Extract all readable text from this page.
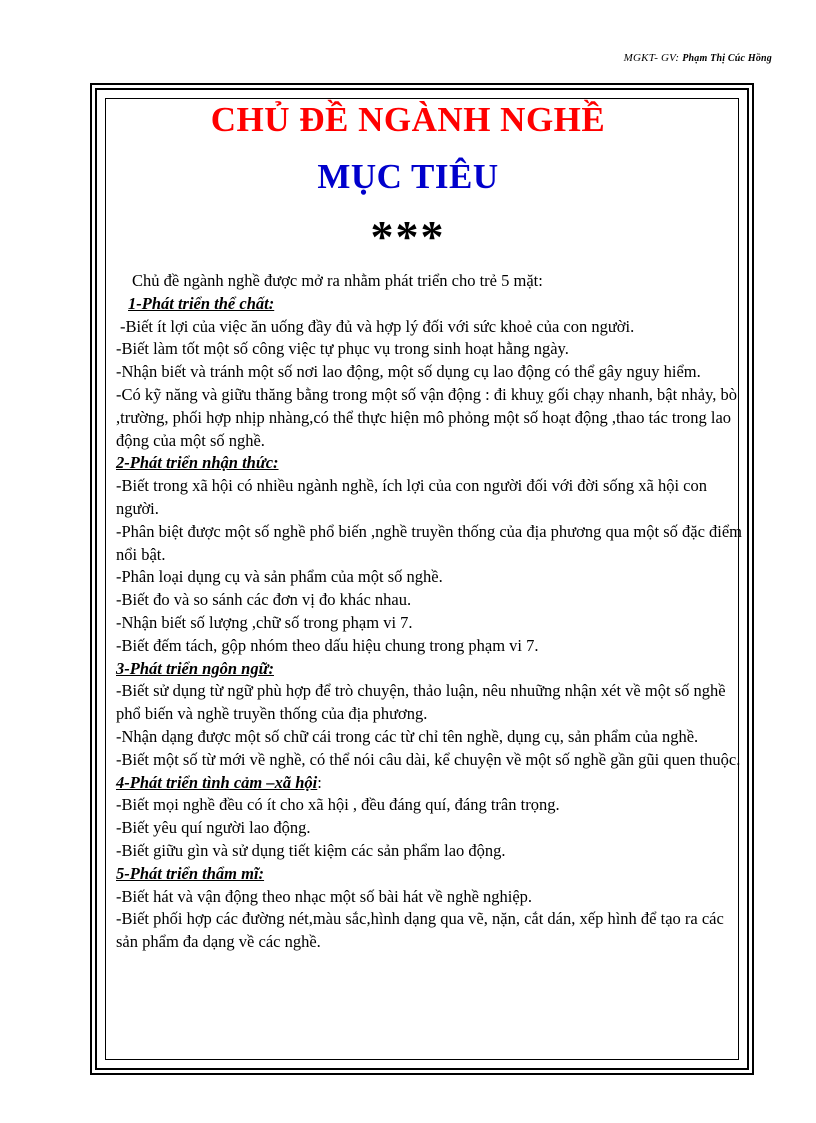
MGKT- GV: Phạm Thị Cúc Hồng
CHỦ ĐỀ NGÀNH NGHỀ
MỤC TIÊU
***

Chủ đề ngành nghề được mở ra nhằm phát triển cho trẻ 5 mặt:

1-Phát triển thể chất:

-Biết ít lợi của việc ăn uống đầy đủ và hợp lý đối với sức khoẻ của con người.

-Biết làm tốt một số công việc tự phục vụ trong sinh hoạt hằng ngày.

-Nhận biết và tránh một số nơi lao động, một số dụng cụ lao động có thể gây nguy hiểm.

-Có kỹ năng và giữu thăng bằng trong một số vận động : đi khuỵ gối chạy nhanh, bật nhảy, bò ,trường, phối hợp nhịp nhàng,có thể thực hiện mô phỏng một số hoạt động ,thao tác trong lao động của một số nghề.

2-Phát triển nhận thức:

-Biết trong xã hội có nhiều ngành nghề, ích lợi của con người đối với đời sống xã hội con người.

-Phân biệt được một số nghề phổ biến ,nghề truyền thống của địa phương qua một số đặc điểm nổi bật.

-Phân loại dụng cụ và sản phẩm của một số nghề.

-Biết đo và so sánh các đơn vị đo khác nhau.

-Nhận biết số lượng ,chữ số trong phạm vi 7.

-Biết đếm tách, gộp nhóm theo dấu hiệu chung trong phạm vi 7.

3-Phát triển ngôn ngữ:

-Biết sử dụng từ ngữ phù hợp để trò chuyện, thảo luận, nêu nhuững nhận xét về một số nghề phổ biến và nghề truyền thống của địa phương.

-Nhận dạng được một số chữ cái trong các từ chỉ tên nghề, dụng cụ, sản phẩm của nghề.

-Biết một số từ mới về nghề, có thể nói câu dài, kể chuyện về một số nghề gần gũi quen thuộc.

4-Phát triển tình cảm –xã hội:

-Biết mọi nghề đều có ít cho xã hội , đều đáng quí, đáng trân trọng.

-Biết yêu quí người lao động.

-Biết giữu gìn và sử dụng tiết kiệm các sản phẩm lao động.

5-Phát triển thẩm mĩ:

-Biết hát và vận động theo nhạc một số bài hát về nghề nghiệp.

-Biết phối hợp các đường nét,màu sắc,hình dạng qua vẽ, nặn, cắt dán, xếp hình để tạo ra các sản phẩm đa dạng về các nghề.
